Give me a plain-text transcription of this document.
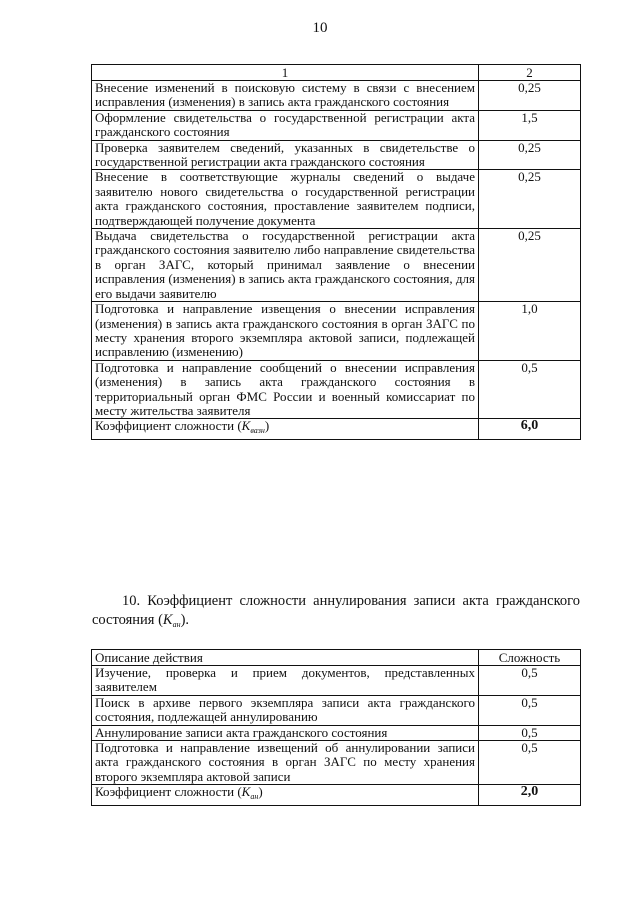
10
1	2
Внесение изменений в поисковую систему в связи с внесением исправления (изменения) в запись акта гражданского состояния	0,25
Оформление свидетельства о государственной регистрации акта гражданского состояния	1,5
Проверка заявителем сведений, указанных в свидетельстве о государственной регистрации акта гражданского состояния	0,25
Внесение в соответствующие журналы сведений о выдаче заявителю нового свидетельства о государственной регистрации акта гражданского состояния, проставление заявителем подписи, подтверждающей получение документа	0,25
Выдача свидетельства о государственной регистрации акта гражданского состояния заявителю либо направление свидетельства в орган ЗАГС, который принимал заявление о внесении исправления (изменения) в запись акта гражданского состояния, для его выдачи заявителю	0,25
Подготовка и направление извещения о внесении исправления (изменения) в запись акта гражданского состояния в орган ЗАГС по месту хранения второго экземпляра актовой записи, подлежащей исправлению (изменению)	1,0
Подготовка и направление сообщений о внесении исправления (изменения) в запись акта гражданского состояния в территориальный орган ФМС России и военный комиссариат по месту жительства заявителя	0,5
Коэффициент сложности $(K_{вазн})$	6,0
10. Коэффициент сложности аннулирования записи акта гражданского состояния $(K_{ан})$.
Описание действия	Сложность
Изучение, проверка и прием документов, представленных заявителем	0,5
Поиск в архиве первого экземпляра записи акта гражданского состояния, подлежащей аннулированию	0,5
Аннулирование записи акта гражданского состояния	0,5
Подготовка и направление извещений об аннулировании записи акта гражданского состояния в орган ЗАГС по месту хранения второго экземпляра актовой записи	0,5
Коэффициент сложности $(K_{ан})$	2,0
